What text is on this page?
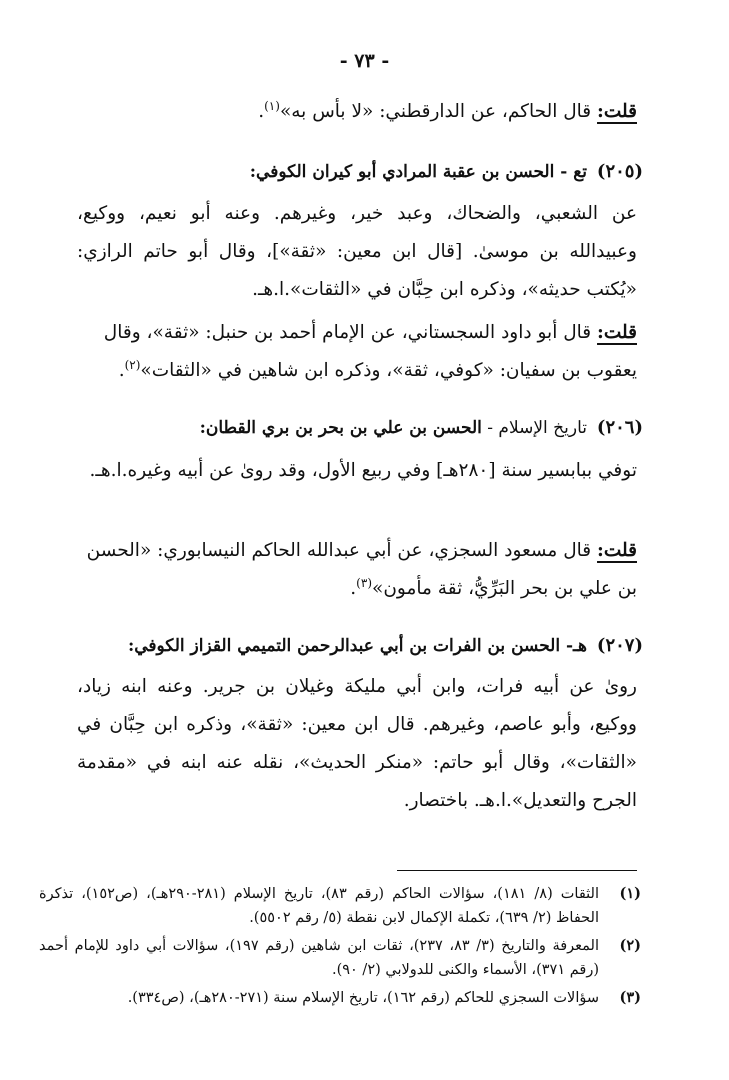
- ٧٣ -
قلت: قال الحاكم، عن الدارقطني: «لا بأس به»$^{(١)}$.
(٢٠٥)
تع - الحسن بن عقبة المرادي أبو كيران الكوفي:
عن الشعبي، والضحاك، وعبد خير، وغيرهم. وعنه أبو نعيم، ووكيع، وعبيدالله بن موسىٰ. [قال ابن معين: «ثقة»]، وقال أبو حاتم الرازي: «يُكتب حديثه»، وذكره ابن حِبَّان في «الثقات».ا.هـ.
قلت: قال أبو داود السجستاني، عن الإمام أحمد بن حنبل: «ثقة»، وقال يعقوب بن سفيان: «كوفي، ثقة»، وذكره ابن شاهين في «الثقات»$^{(٢)}$.
(٢٠٦)
تاريخ الإسلام - الحسن بن علي بن بحر بن بري القطان:
توفي ببابسير سنة [٢٨٠هـ] وفي ربيع الأول، وقد روىٰ عن أبيه وغيره.ا.هـ.
قلت: قال مسعود السجزي، عن أبي عبدالله الحاكم النيسابوري: «الحسن بن علي بن بحر البَرِّيُّ، ثقة مأمون»$^{(٣)}$.
(٢٠٧)
هـ- الحسن بن الفرات بن أبي عبدالرحمن التميمي القزاز الكوفي:
روىٰ عن أبيه فرات، وابن أبي مليكة وغيلان بن جرير. وعنه ابنه زياد، ووكيع، وأبو عاصم، وغيرهم. قال ابن معين: «ثقة»، وذكره ابن حِبَّان في «الثقات»، وقال أبو حاتم: «منكر الحديث»، نقله عنه ابنه في «مقدمة الجرح والتعديل».ا.هـ. باختصار.
(١)
الثقات (٨/ ١٨١)، سؤالات الحاكم (رقم ٨٣)، تاريخ الإسلام (٢٨١-٢٩٠هـ)، (ص١٥٢)، تذكرة الحفاظ (٢/ ٦٣٩)، تكملة الإكمال لابن نقطة (٥/ رقم ٥٥٠٢).
(٢)
المعرفة والتاريخ (٣/ ٨٣، ٢٣٧)، ثقات ابن شاهين (رقم ١٩٧)، سؤالات أبي داود للإمام أحمد (رقم ٣٧١)، الأسماء والكنى للدولابي (٢/ ٩٠).
(٣)
سؤالات السجزي للحاكم (رقم ١٦٢)، تاريخ الإسلام سنة (٢٧١-٢٨٠هـ)، (ص٣٣٤).
